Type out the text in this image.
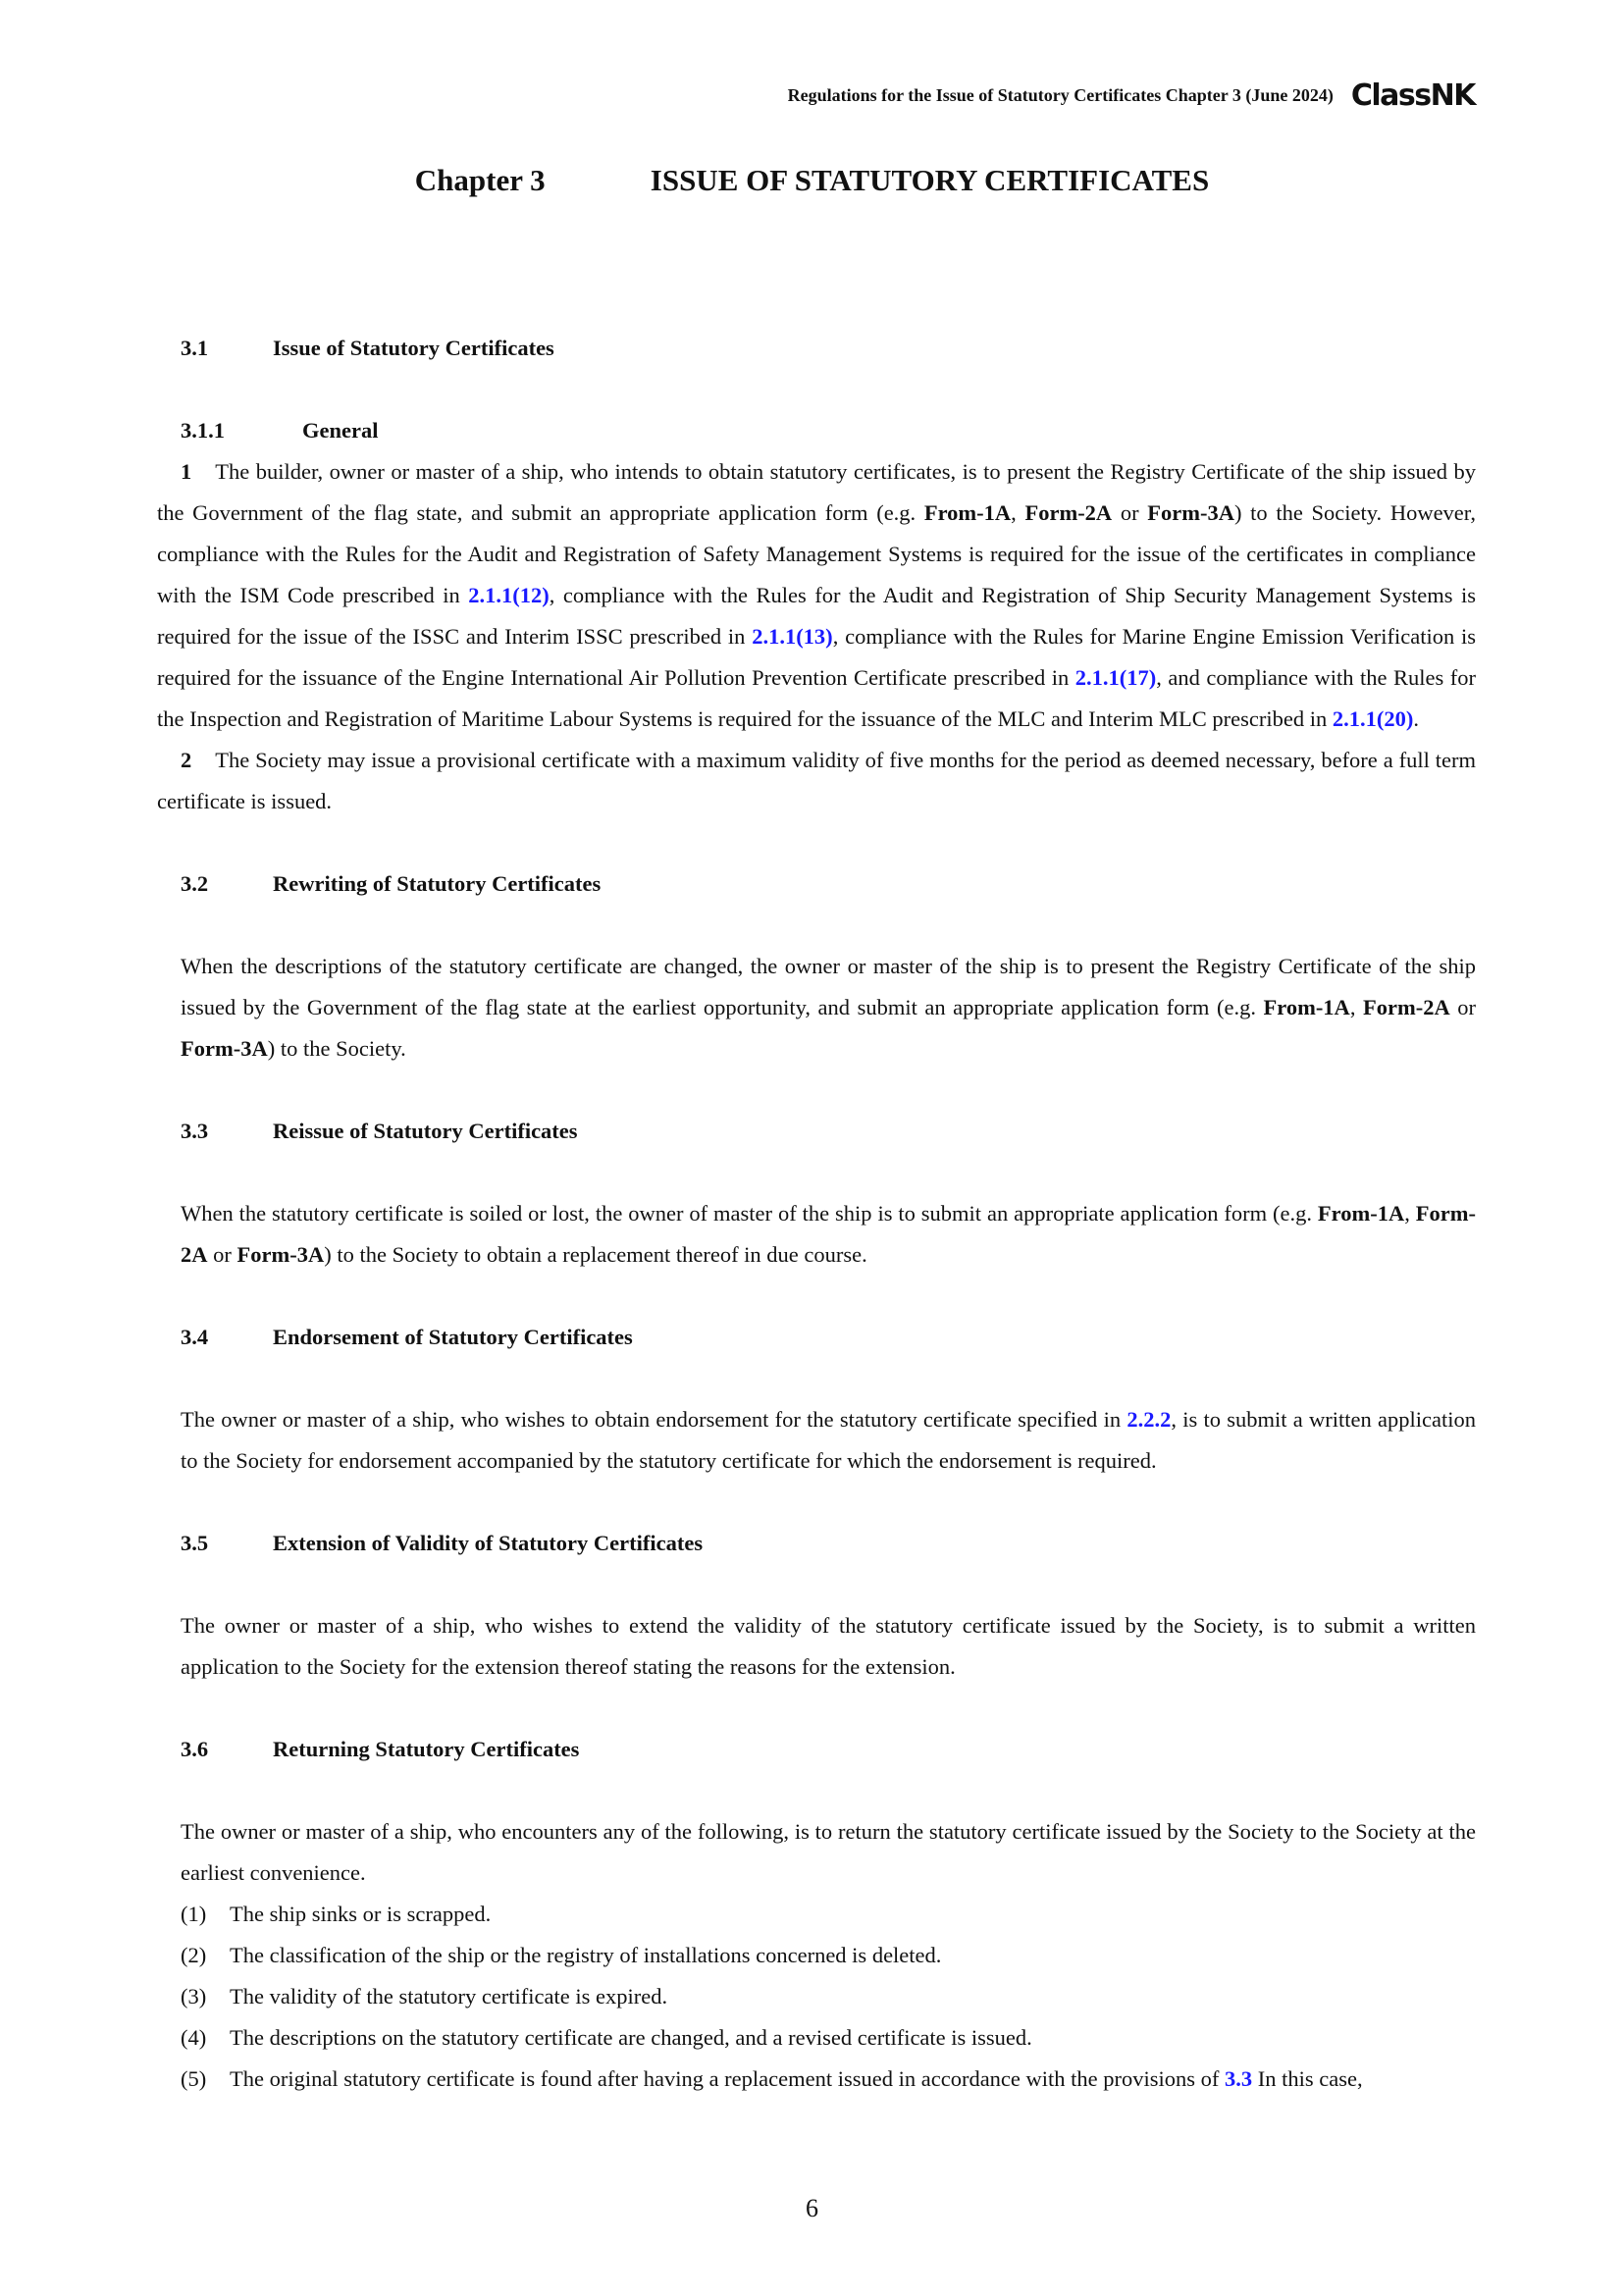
Regulations for the Issue of Statutory Certificates Chapter 3 (June 2024) ClassNK
Chapter 3	ISSUE OF STATUTORY CERTIFICATES
3.1	Issue of Statutory Certificates
3.1.1	General

1 The builder, owner or master of a ship, who intends to obtain statutory certificates, is to present the Registry Certificate of the ship issued by the Government of the flag state, and submit an appropriate application form (e.g. From-1A, Form-2A or Form-3A) to the Society. However, compliance with the Rules for the Audit and Registration of Safety Management Systems is required for the issue of the certificates in compliance with the ISM Code prescribed in 2.1.1(12), compliance with the Rules for the Audit and Registration of Ship Security Management Systems is required for the issue of the ISSC and Interim ISSC prescribed in 2.1.1(13), compliance with the Rules for Marine Engine Emission Verification is required for the issuance of the Engine International Air Pollution Prevention Certificate prescribed in 2.1.1(17), and compliance with the Rules for the Inspection and Registration of Maritime Labour Systems is required for the issuance of the MLC and Interim MLC prescribed in 2.1.1(20).

2 The Society may issue a provisional certificate with a maximum validity of five months for the period as deemed necessary, before a full term certificate is issued.

3.2	Rewriting of Statutory Certificates

When the descriptions of the statutory certificate are changed, the owner or master of the ship is to present the Registry Certificate of the ship issued by the Government of the flag state at the earliest opportunity, and submit an appropriate application form (e.g. From-1A, Form-2A or Form-3A) to the Society.

3.3	Reissue of Statutory Certificates

When the statutory certificate is soiled or lost, the owner of master of the ship is to submit an appropriate application form (e.g. From-1A, Form-2A or Form-3A) to the Society to obtain a replacement thereof in due course.

3.4	Endorsement of Statutory Certificates

The owner or master of a ship, who wishes to obtain endorsement for the statutory certificate specified in 2.2.2, is to submit a written application to the Society for endorsement accompanied by the statutory certificate for which the endorsement is required.

3.5	Extension of Validity of Statutory Certificates

The owner or master of a ship, who wishes to extend the validity of the statutory certificate issued by the Society, is to submit a written application to the Society for the extension thereof stating the reasons for the extension.

3.6	Returning Statutory Certificates

The owner or master of a ship, who encounters any of the following, is to return the statutory certificate issued by the Society to the Society at the earliest convenience.

(1)	The ship sinks or is scrapped.
(2)	The classification of the ship or the registry of installations concerned is deleted.
(3)	The validity of the statutory certificate is expired.
(4)	The descriptions on the statutory certificate are changed, and a revised certificate is issued.
(5)	The original statutory certificate is found after having a replacement issued in accordance with the provisions of 3.3 In this case,
6
